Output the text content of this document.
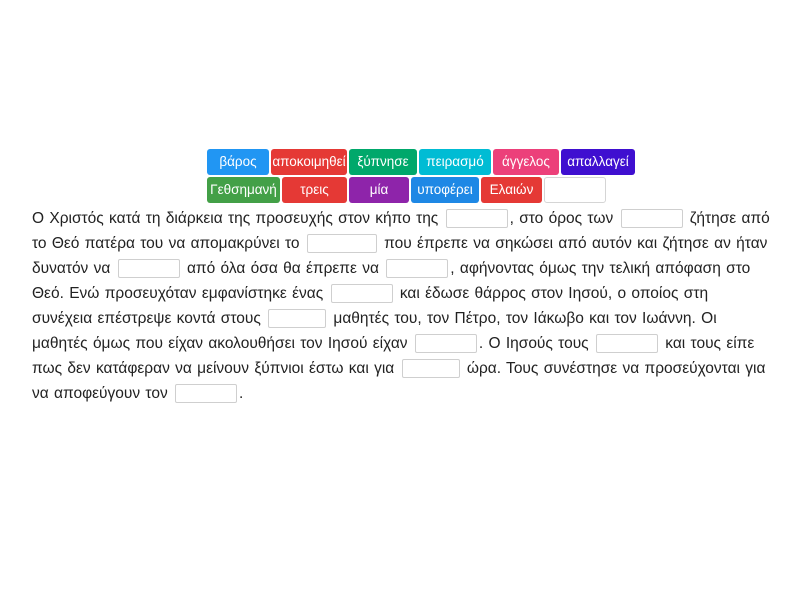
βάρος	αποκοιμηθεί ξύπνησε	πειρασμό	άγγελος	απαλλαγεί
Γεθσημανή	τρεις	μία	υποφέρει	Ελαιών
Ο Χριστός κατά τη διάρκεια της προσευχής στον κήπο της	, στο όρος των	ζήτησε από το Θεό πατέρα του να απομακρύνει το	που έπρεπε να σηκώσει από αυτόν και ζήτησε αν ήταν δυνατόν να	από όλα όσα θα έπρεπε να	, αφήνοντας όμως την τελική απόφαση στο Θεό. Ενώ προσευχόταν εμφανίστηκε ένας	και έδωσε θάρρος στον Ιησού, ο οποίος στη συνέχεια επέστρεψε κοντά στους	μαθητές του, τον Πέτρο, τον Ιάκωβο και τον Ιωάννη. Οι μαθητές όμως που είχαν ακολουθήσει τον Ιησού είχαν	. Ο Ιησούς τους	και τους είπε πως δεν κατάφεραν να μείνουν ξύπνιοι έστω και για	ώρα. Τους συνέστησε να προσεύχονται για να αποφεύγουν τον	.
